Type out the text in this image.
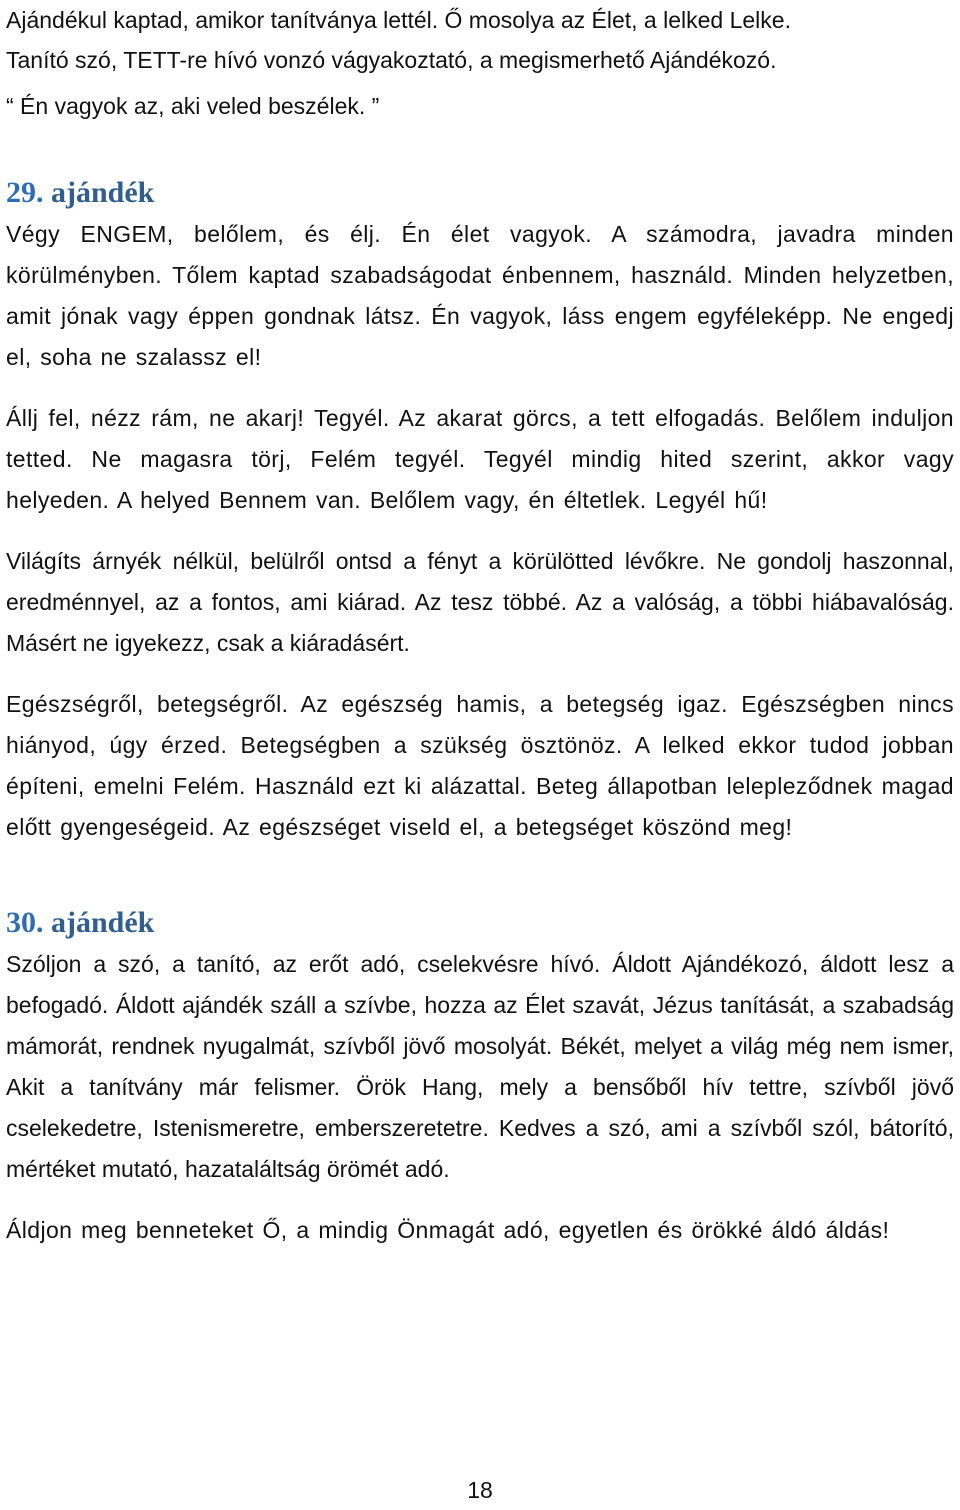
Ajándékul kaptad, amikor tanítványa lettél. Ő mosolya az Élet, a lelked Lelke.

Tanító szó, TETT-re hívó vonzó vágyakoztató, a megismerhető Ajándékozó.

“ Én vagyok az, aki veled beszélek. ”

29. ajándék

Végy ENGEM, belőlem, és élj. Én élet vagyok. A számodra, javadra minden körülményben. Tőlem kaptad szabadságodat énbennem, használd. Minden helyzetben, amit jónak vagy éppen gondnak látsz. Én vagyok, láss engem egyféleképp. Ne engedj el, soha ne szalassz el!

Állj fel, nézz rám, ne akarj! Tegyél. Az akarat görcs, a tett elfogadás. Belőlem induljon tetted. Ne magasra törj, Felém tegyél. Tegyél mindig hited szerint, akkor vagy helyeden. A helyed Bennem van. Belőlem vagy, én éltetlek. Legyél hű!

Világíts árnyék nélkül, belülről ontsd a fényt a körülötted lévőkre. Ne gondolj haszonnal, eredménnyel, az a fontos, ami kiárad. Az tesz többé. Az a valóság, a többi hiábavalóság. Másért ne igyekezz, csak a kiáradásért.

Egészségről, betegségről. Az egészség hamis, a betegség igaz. Egészségben nincs hiányod, úgy érzed. Betegségben a szükség ösztönöz. A lelked ekkor tudod jobban építeni, emelni Felém. Használd ezt ki alázattal. Beteg állapotban lelepleződnek magad előtt gyengeségeid. Az egészséget viseld el, a betegséget köszönd meg!

30. ajándék

Szóljon a szó, a tanító, az erőt adó, cselekvésre hívó. Áldott Ajándékozó, áldott lesz a befogadó. Áldott ajándék száll a szívbe, hozza az Élet szavát, Jézus tanítását, a szabadság mámorát, rendnek nyugalmát, szívből jövő mosolyát. Békét, melyet a világ még nem ismer, Akit a tanítvány már felismer. Örök Hang, mely a bensőből hív tettre, szívből jövő cselekedetre, Istenismeretre, emberszeretetre. Kedves a szó, ami a szívből szól, bátorító, mértéket mutató, hazataláltság örömét adó.

Áldjon meg benneteket Ő, a mindig Önmagát adó, egyetlen és örökké áldó áldás!

18
